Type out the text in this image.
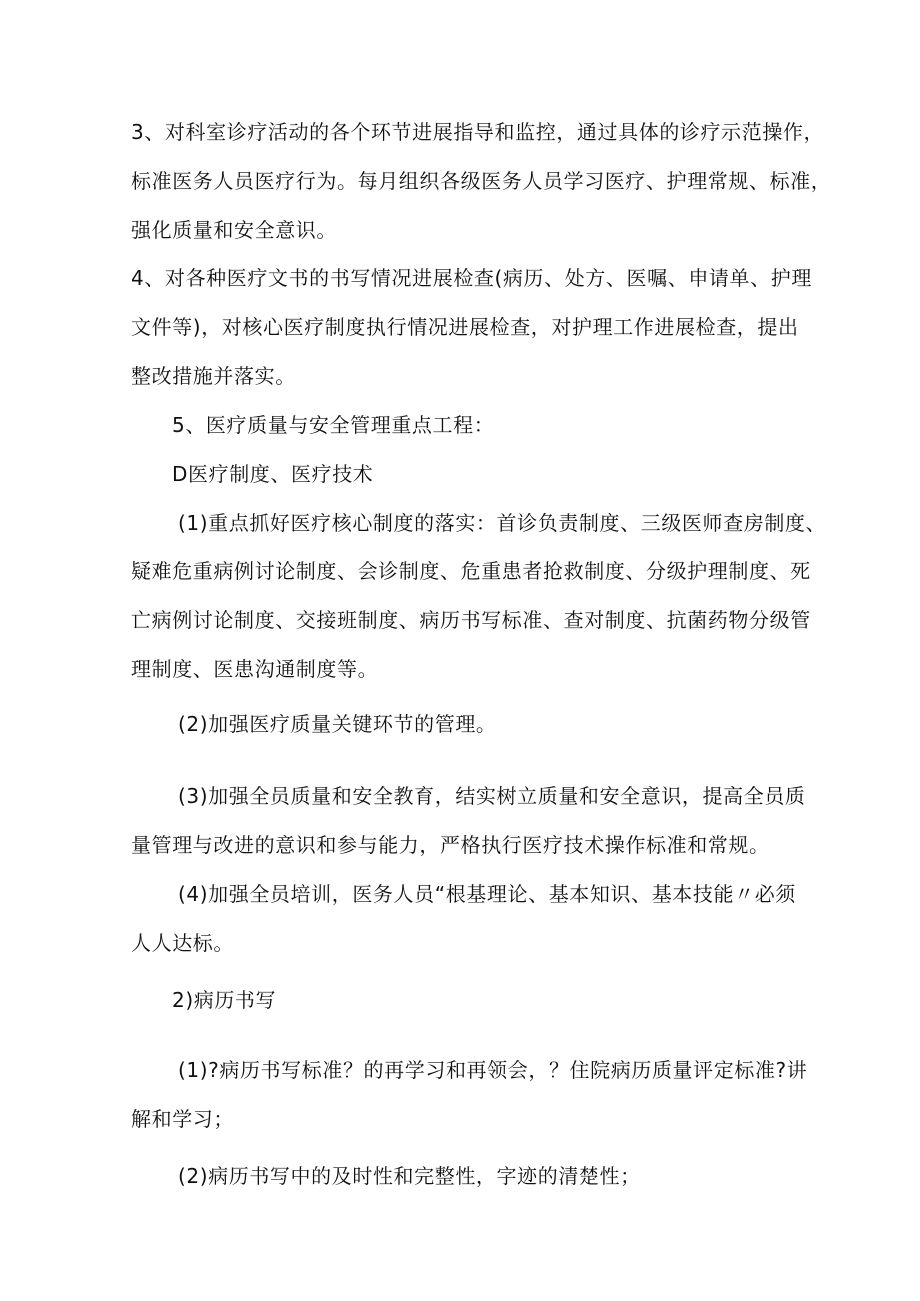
3、对科室诊疗活动的各个环节进展指导和监控，通过具体的诊疗示范操作，
标准医务人员医疗行为。每月组织各级医务人员学习医疗、护理常规、标准，
强化质量和安全意识。
4、对各种医疗文书的书写情况进展检查(病历、处方、医嘱、申请单、护理
文件等)，对核心医疗制度执行情况进展检查，对护理工作进展检查，提出
整改措施并落实。
5、医疗质量与安全管理重点工程：
D医疗制度、医疗技术
(1)重点抓好医疗核心制度的落实：首诊负责制度、三级医师查房制度、
疑难危重病例讨论制度、会诊制度、危重患者抢救制度、分级护理制度、死
亡病例讨论制度、交接班制度、病历书写标准、查对制度、抗菌药物分级管
理制度、医患沟通制度等。
(2)加强医疗质量关键环节的管理。
(3)加强全员质量和安全教育，结实树立质量和安全意识，提高全员质
量管理与改进的意识和参与能力，严格执行医疗技术操作标准和常规。
(4)加强全员培训，医务人员“根基理论、基本知识、基本技能〃必须
人人达标。
2)病历书写
(1)?病历书写标准？的再学习和再领会，？住院病历质量评定标准?讲
解和学习；
(2)病历书写中的及时性和完整性，字迹的清楚性；
